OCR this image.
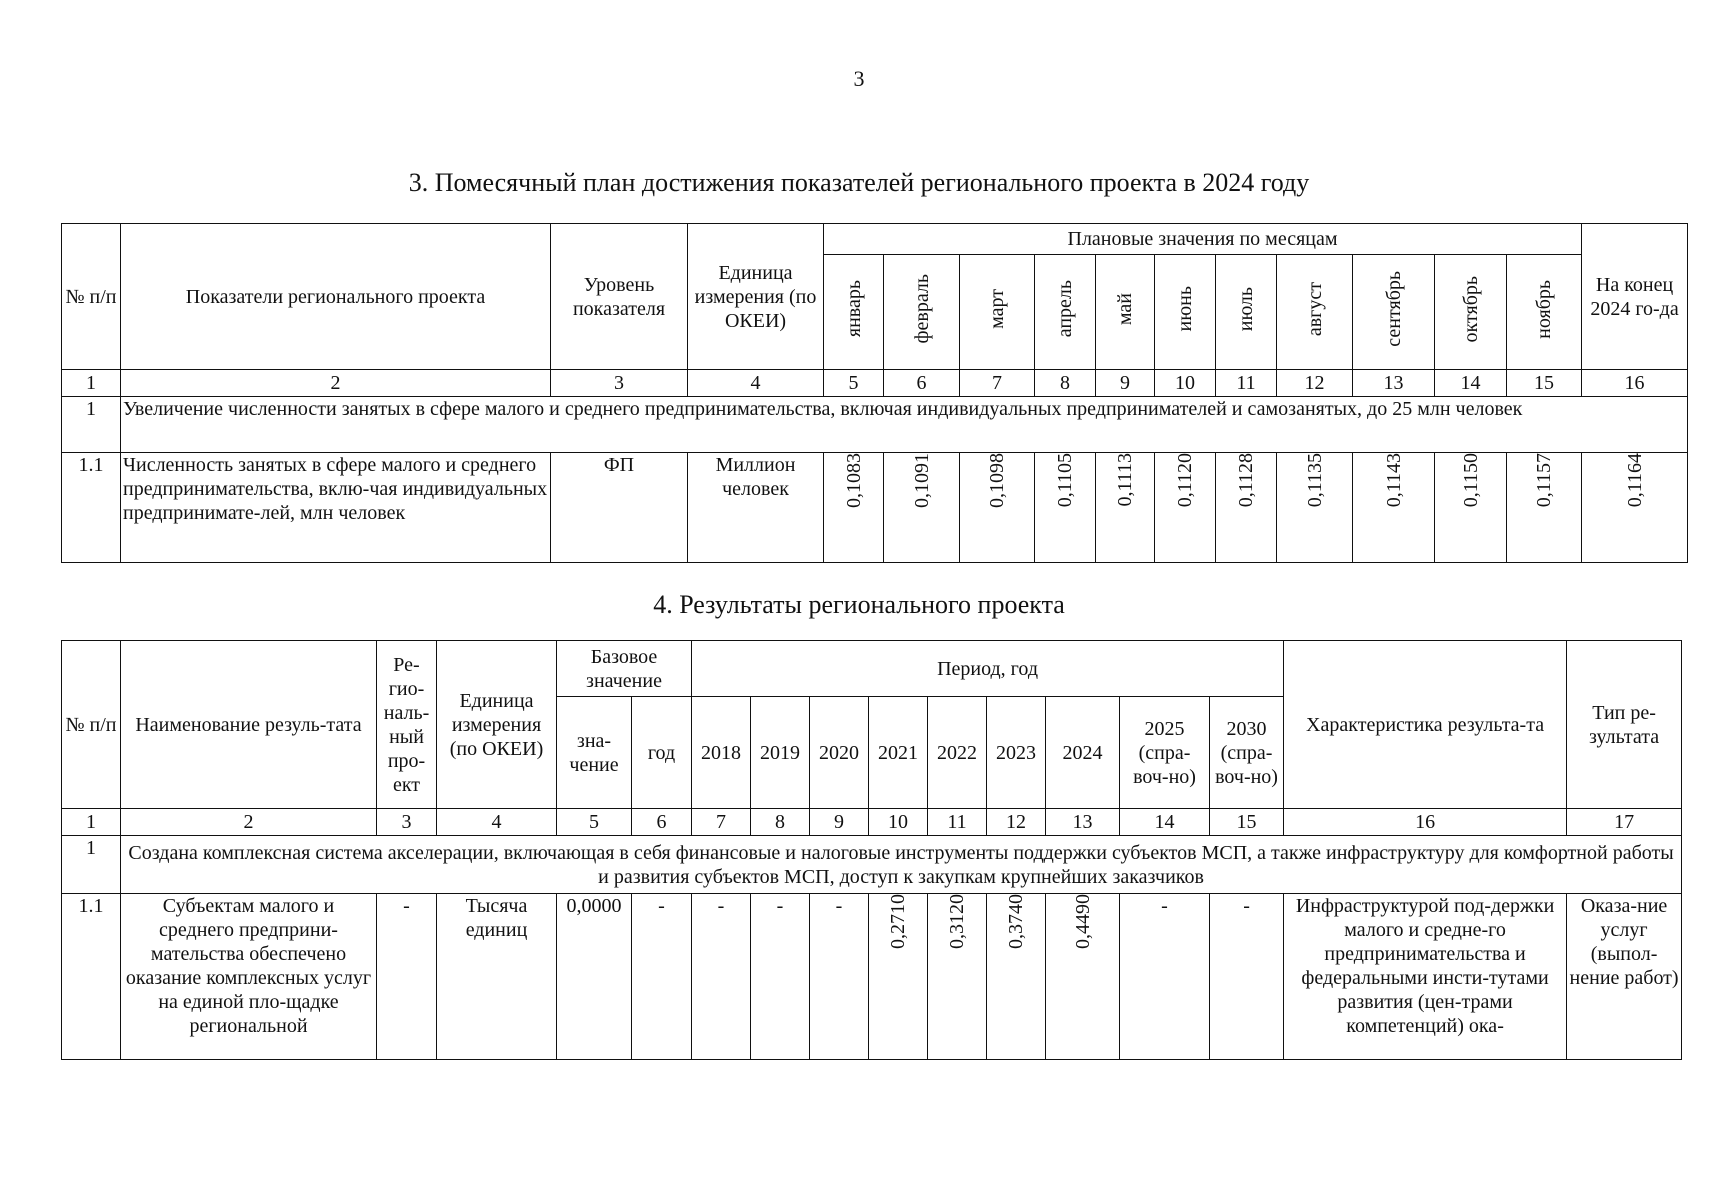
3
3. Помесячный план достижения показателей регионального проекта в 2024 году
№ п/п	Показатели регионального проекта	Уровень показателя	Единица измерения (по ОКЕИ)	Плановые значения по месяцам											На конец 2024 го-да
				январь	февраль	март	апрель	май	июнь	июль	август	сентябрь	октябрь	ноябрь	
1	2	3	4	5	6	7	8	9	10	11	12	13	14	15	16
1	Увеличение численности занятых в сфере малого и среднего предпринимательства, включая индивидуальных предпринимателей и самозанятых, до 25 млн человек														
1.1	Численность занятых в сфере малого и среднего предпринимательства, вклю-чая индивидуальных предпринимате-лей, млн человек	ФП	Миллион человек	0,1083	0,1091	0,1098	0,1105	0,1113	0,1120	0,1128	0,1135	0,1143	0,1150	0,1157	0,1164
4. Результаты регионального проекта
№ п/п	Наименование резуль-тата	Ре-гио-наль-ный про-ект	Единица измерения (по ОКЕИ)	Базовое значение		Период, год									Характеристика результа-та	Тип ре-зультата
				зна-чение	год	2018	2019	2020	2021	2022	2023	2024	2025 (спра-воч-но)	2030 (спра-воч-но)		
1	2	3	4	5	6	7	8	9	10	11	12	13	14	15	16	17
1	Создана комплексная система акселерации, включающая в себя финансовые и налоговые инструменты поддержки субъектов МСП, а также инфраструктуру для комфортной работы и развития субъектов МСП, доступ к закупкам крупнейших заказчиков															
1.1	Субъектам малого и среднего предприни-мательства обеспечено оказание комплексных услуг на единой пло-щадке региональной	-	Тысяча единиц	0,0000	-	-	-	-	0,2710	0,3120	0,3740	0,4490	-	-	Инфраструктурой под-держки малого и средне-го предпринимательства и федеральными инсти-тутами развития (цен-трами компетенций) ока-	Оказа-ние услуг (выпол-нение работ)
